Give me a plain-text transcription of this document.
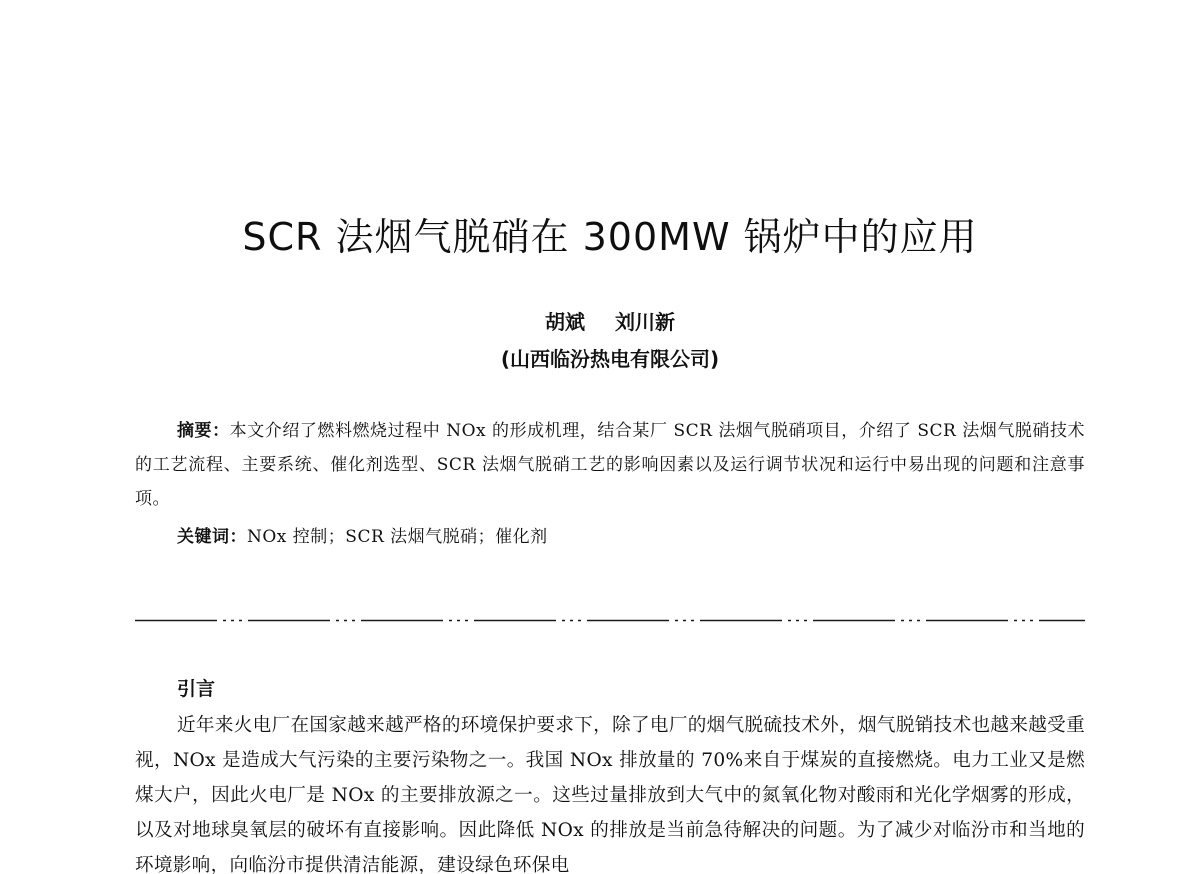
SCR 法烟气脱硝在 300MW 锅炉中的应用
胡斌 刘川新
(山西临汾热电有限公司)
摘要：本文介绍了燃料燃烧过程中 NOx 的形成机理，结合某厂 SCR 法烟气脱硝项目，介绍了 SCR 法烟气脱硝技术的工艺流程、主要系统、催化剂选型、SCR 法烟气脱硝工艺的影响因素以及运行调节状况和运行中易出现的问题和注意事项。
关键词：NOx 控制；SCR 法烟气脱硝；催化剂
引言
近年来火电厂在国家越来越严格的环境保护要求下，除了电厂的烟气脱硫技术外，烟气脱销技术也越来越受重视，NOx 是造成大气污染的主要污染物之一。我国 NOx 排放量的 70%来自于煤炭的直接燃烧。电力工业又是燃煤大户，因此火电厂是 NOx 的主要排放源之一。这些过量排放到大气中的氮氧化物对酸雨和光化学烟雾的形成，以及对地球臭氧层的破坏有直接影响。因此降低 NOx 的排放是当前急待解决的问题。为了减少对临汾市和当地的环境影响，向临汾市提供清洁能源，建设绿色环保电
